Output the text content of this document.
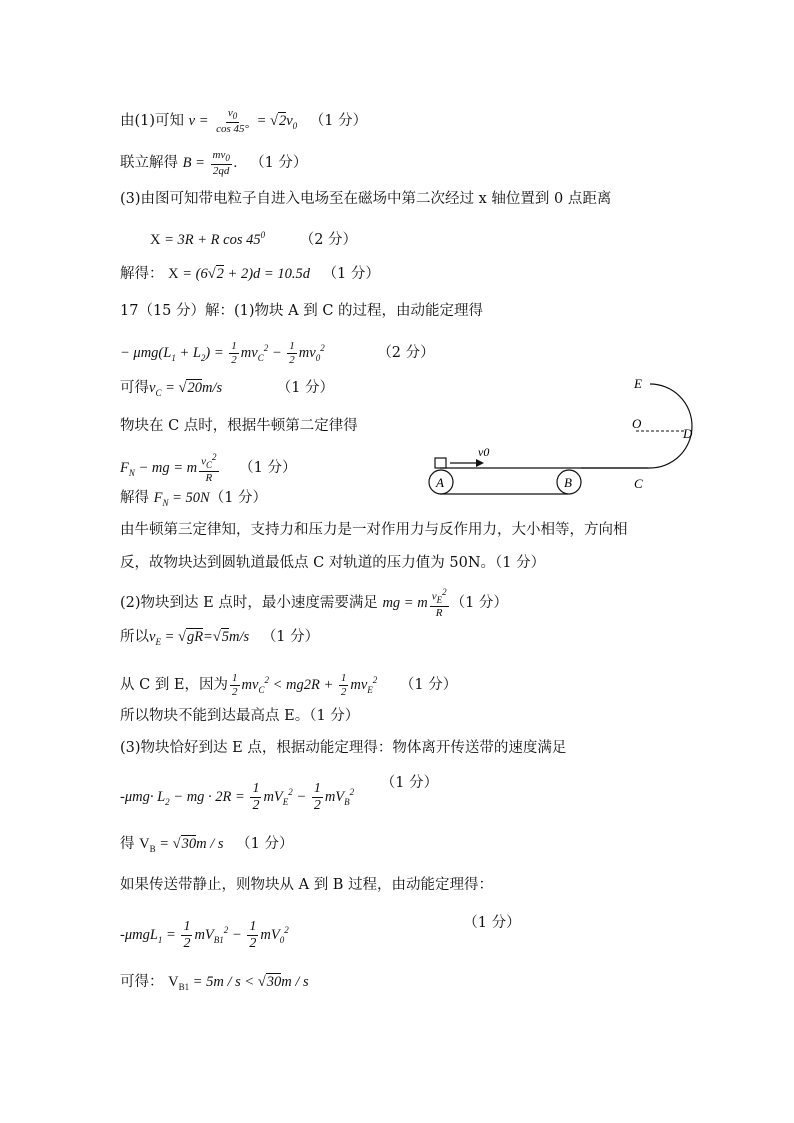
由(1)可知 $v = \frac{v_0}{\cos 45^\circ} = √2v_0$ （1 分）
联立解得 $B = \frac{mv_0}{2qd}$ . （1 分）
(3)由图可知带电粒子自进入电场至在磁场中第二次经过 x 轴位置到 0 点距离
X = 3R + R $\cos 45^0$ （2 分）
解得： X = (6√2 + 2)d = 10.5d （1 分）
17（15 分）解：(1)物块 A 到 C 的过程，由动能定理得
− $\mu mg(L_1 + L_2) = \frac{1}{2} mv_C^2 - \frac{1}{2} mv_0^2$	（2 分）
可得$v_C = √20m/s$	（1 分）
物块在 C 点时，根据牛顿第二定律得
$F_N$ − mg = m $\frac{v_C^2}{R} (1$ 分）
解得 $F_N = 50N(1$ 分）
由牛顿第三定律知，支持力和压力是一对作用力与反作用力，大小相等，方向相
反，故物块达到圆轨道最低点 C 对轨道的压力值为 50N。（1 分）
(2)物块到达 E 点时，最小速度需要满足 mg = m $\frac{v_E^2}{R} (1$ 分）
所以$v_E = √gR=√5m/s$ （1 分）
从 C 到 E，因为 $\frac{1}{2} mv_C^2 < mg2R + \frac{1}{2} mv_E^2$ （1 分）
所以物块不能到达最高点 E。（1 分）
(3)物块恰好到达 E 点，根据动能定理得：物体离开传送带的速度满足
$-\mu mg\cdot L_2$ − mg · $2R = \frac{1}{2} mV_E^2 - \frac{1}{2} mV_B^2$ （1 分）
得 $V_B = √30m / s$ （1 分）
如果传送带静止，则物块从 A 到 B 过程，由动能定理得：
$-\mu mgL_1 = \frac{1}{2} mV_{B1}^2 - \frac{1}{2} mV_0^2$	（1 分）
可得： $V_{B1} = 5m / s < √30m / s$
v0
A	B	C
D
O
E
